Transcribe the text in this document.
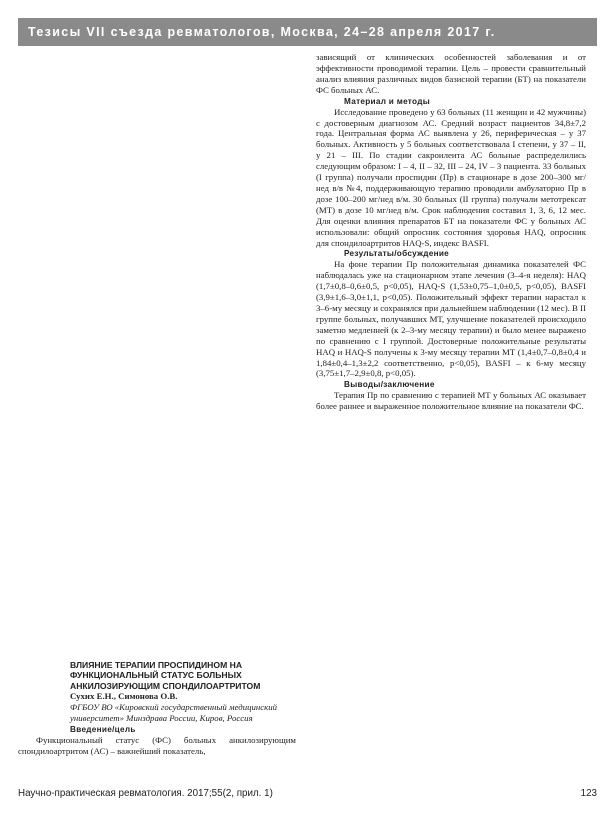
Тезисы VII съезда ревматологов, Москва, 24–28 апреля 2017 г.

зависящий от клинических особенностей заболевания и от эффективности проводимой терапии. Цель – провести сравнительный анализ влияния различных видов базисной терапии (БТ) на показатели ФС больных АС.

Материал и методы

Исследование проведено у 63 больных (11 женщин и 42 мужчины) с достоверным диагнозом АС. Средний возраст пациентов 34,8±7,2 года. Центральная форма АС выявлена у 26, периферическая – у 37 больных. Активность у 5 больных соответствовала I степени, у 37 – II, у 21 – III. По стадии сакроилеита АС больные распределились следующим образом: I – 4, II – 32, III – 24, IV – 3 пациента. 33 больных (I группа) получали проспидин (Пр) в стационаре в дозе 200–300 мг/нед в/в №4, поддерживающую терапию проводили амбулаторно Пр в дозе 100–200 мг/нед в/м. 30 больных (II группа) получали метотрексат (МТ) в дозе 10 мг/нед в/м. Срок наблюдения составил 1, 3, 6, 12 мес. Для оценки влияния препаратов БТ на показатели ФС у больных АС использовали: общий опросник состояния здоровья HAQ, опросник для спондилоартритов HAQ-S, индекс BASFI.

Результаты/обсуждение

На фоне терапии Пр положительная динамика показателей ФС наблюдалась уже на стационарном этапе лечения (3–4-я неделя): HAQ (1,7±0,8–0,6±0,5, р<0,05), HAQ-S (1,53±0,75–1,0±0,5, р<0,05), BASFI (3,9±1,6–3,0±1,1, р<0,05). Положительный эффект терапии нарастал к 3–6-му месяцу и сохранялся при дальнейшем наблюдении (12 мес). В II группе больных, получавших МТ, улучшение показателей происходило заметно медленней (к 2–3-му месяцу терапии) и было менее выражено по сравнению с I группой. Достоверные положительные результаты HAQ и HAQ-S получены к 3-му месяцу терапии МТ (1,4±0,7–0,8±0,4 и 1,84±0,4–1,3±2,2 соответственно, р<0,05), BASFI – к 6-му месяцу (3,75±1,7–2,9±0,8, р<0,05).

Выводы/заключение

Терапия Пр по сравнению с терапией МТ у больных АС оказывает более раннее и выраженное положительное влияние на показатели ФС.

ВЛИЯНИЕ ТЕРАПИИ ПРОСПИДИНОМ НА ФУНКЦИОНАЛЬНЫЙ СТАТУС БОЛЬНЫХ АНКИЛОЗИРУЮЩИМ СПОНДИЛОАРТРИТОМ
Сухих Е.Н., Симонова О.В.
ФГБОУ ВО «Кировский государственный медицинский университет» Минздрава России, Киров, Россия
Введение/цель

Функциональный статус (ФС) больных анкилозирующим спондилоартритом (АС) – важнейший показатель,

Научно-практическая ревматология. 2017;55(2, прил. 1)	123
